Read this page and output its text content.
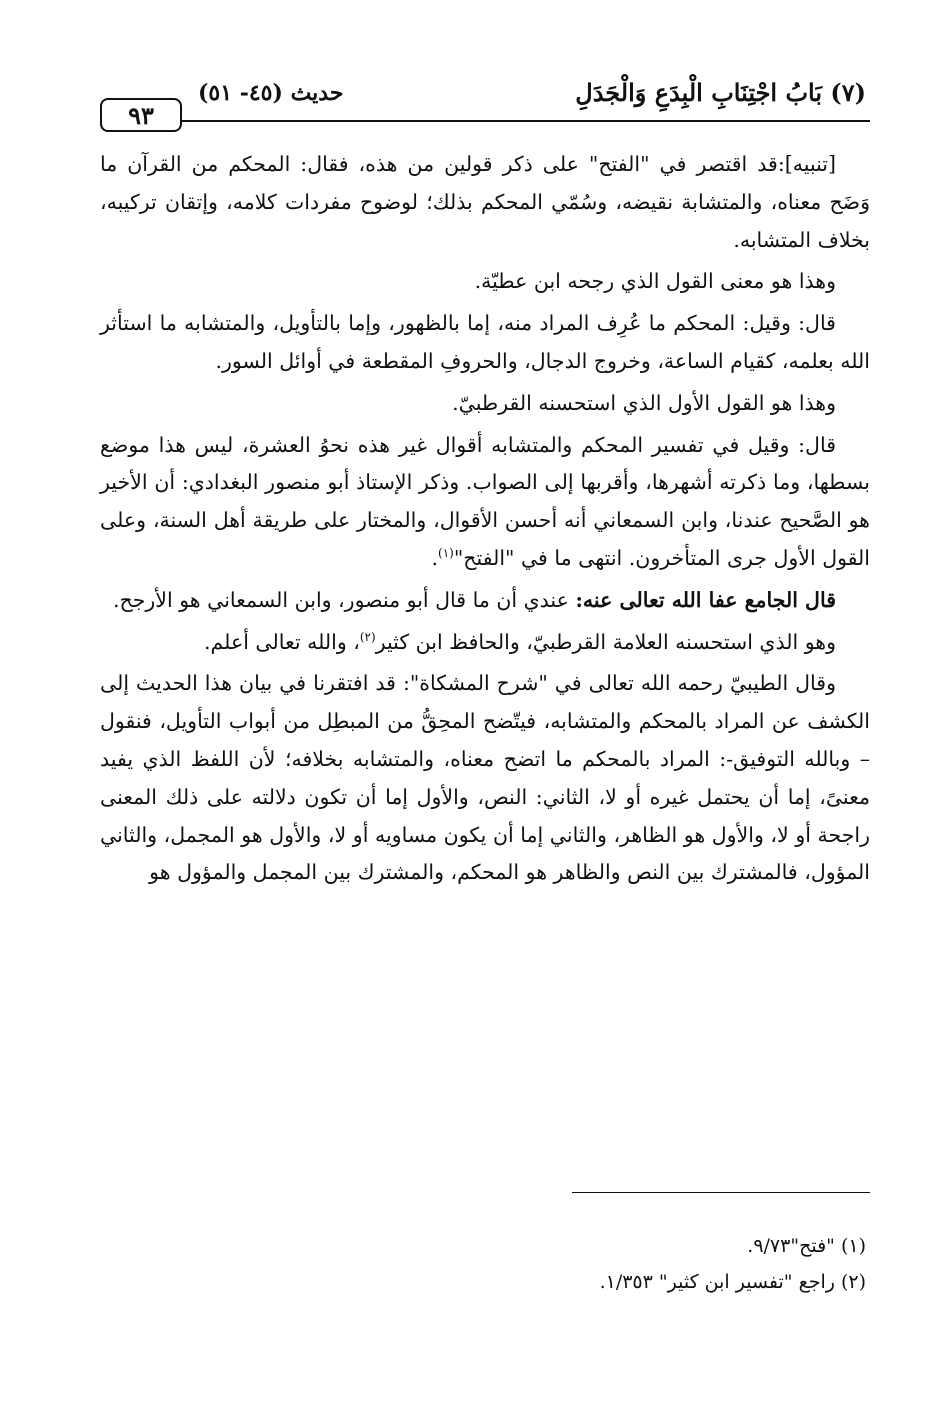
٩٣
حديث (٤٥- ٥١)	(٧) بَابُ اجْتِنَابِ الْبِدَعِ وَالْجَدَلِ

[تنبيه]:قد اقتصر في "الفتح" على ذكر قولين من هذه، فقال: المحكم من القرآن ما وَضَح معناه، والمتشابة نقيضه، وسُمّي المحكم بذلك؛ لوضوح مفردات كلامه، وإتقان تركيبه، بخلاف المتشابه.

وهذا هو معنى القول الذي رجحه ابن عطيّة.

قال: وقيل: المحكم ما عُرِف المراد منه، إما بالظهور، وإما بالتأويل، والمتشابه ما استأثر الله بعلمه، كقيام الساعة، وخروج الدجال، والحروفِ المقطعة في أوائل السور.

وهذا هو القول الأول الذي استحسنه القرطبيّ.

قال: وقيل في تفسير المحكم والمتشابه أقوال غير هذه نحوُ العشرة، ليس هذا موضع بسطها، وما ذكرته أشهرها، وأقربها إلى الصواب. وذكر الإستاذ أبو منصور البغدادي: أن الأخير هو الصَّحيح عندنا، وابن السمعاني أنه أحسن الأقوال، والمختار على طريقة أهل السنة، وعلى القول الأول جرى المتأخرون. انتهى ما في "الفتح"$^{(١)}$.

قال الجامع عفا الله تعالى عنه: عندي أن ما قال أبو منصور، وابن السمعاني هو الأرجح.

وهو الذي استحسنه العلامة القرطبيّ، والحافظ ابن كثير$^{(٢)}$، والله تعالى أعلم.

وقال الطيبيّ رحمه الله تعالى في "شرح المشكاة": قد افتقرنا في بيان هذا الحديث إلى الكشف عن المراد بالمحكم والمتشابه، فيتّضح المحِقُّ من المبطِل من أبواب التأويل، فنقول – وبالله التوفيق-: المراد بالمحكم ما اتضح معناه، والمتشابه بخلافه؛ لأن اللفظ الذي يفيد معنىً، إما أن يحتمل غيره أو لا، الثاني: النص، والأول إما أن تكون دلالته على ذلك المعنى راجحة أو لا، والأول هو الظاهر، والثاني إما أن يكون مساويه أو لا، والأول هو المجمل، والثاني المؤول، فالمشترك بين النص والظاهر هو المحكم، والمشترك بين المجمل والمؤول هو

(١) "فتح"٩/٧٣.

(٢) راجع "تفسير ابن كثير" ١/٣٥٣.
